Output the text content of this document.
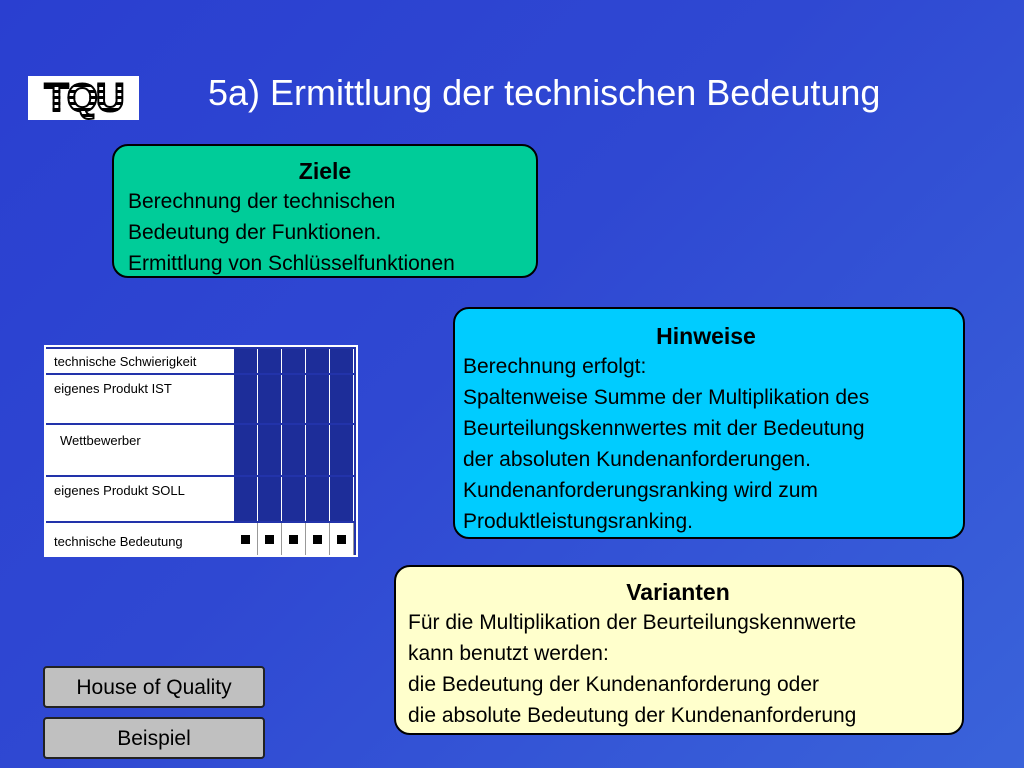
TQU 5a) Ermittlung der technischen Bedeutung
Ziele
Berechnung der technischen
Bedeutung der Funktionen.
Ermittlung von Schlüsselfunktionen
technische Schwierigkeit
eigenes Produkt IST
Wettbewerber
eigenes Produkt SOLL
technische Bedeutung
Hinweise
Berechnung erfolgt:
Spaltenweise Summe der Multiplikation des
Beurteilungskennwertes mit der Bedeutung
der absoluten Kundenanforderungen.
Kundenanforderungsranking wird zum
Produktleistungsranking.
Varianten
Für die Multiplikation der Beurteilungskennwerte
kann benutzt werden:
die Bedeutung der Kundenanforderung oder
die absolute Bedeutung der Kundenanforderung
House of Quality
Beispiel
